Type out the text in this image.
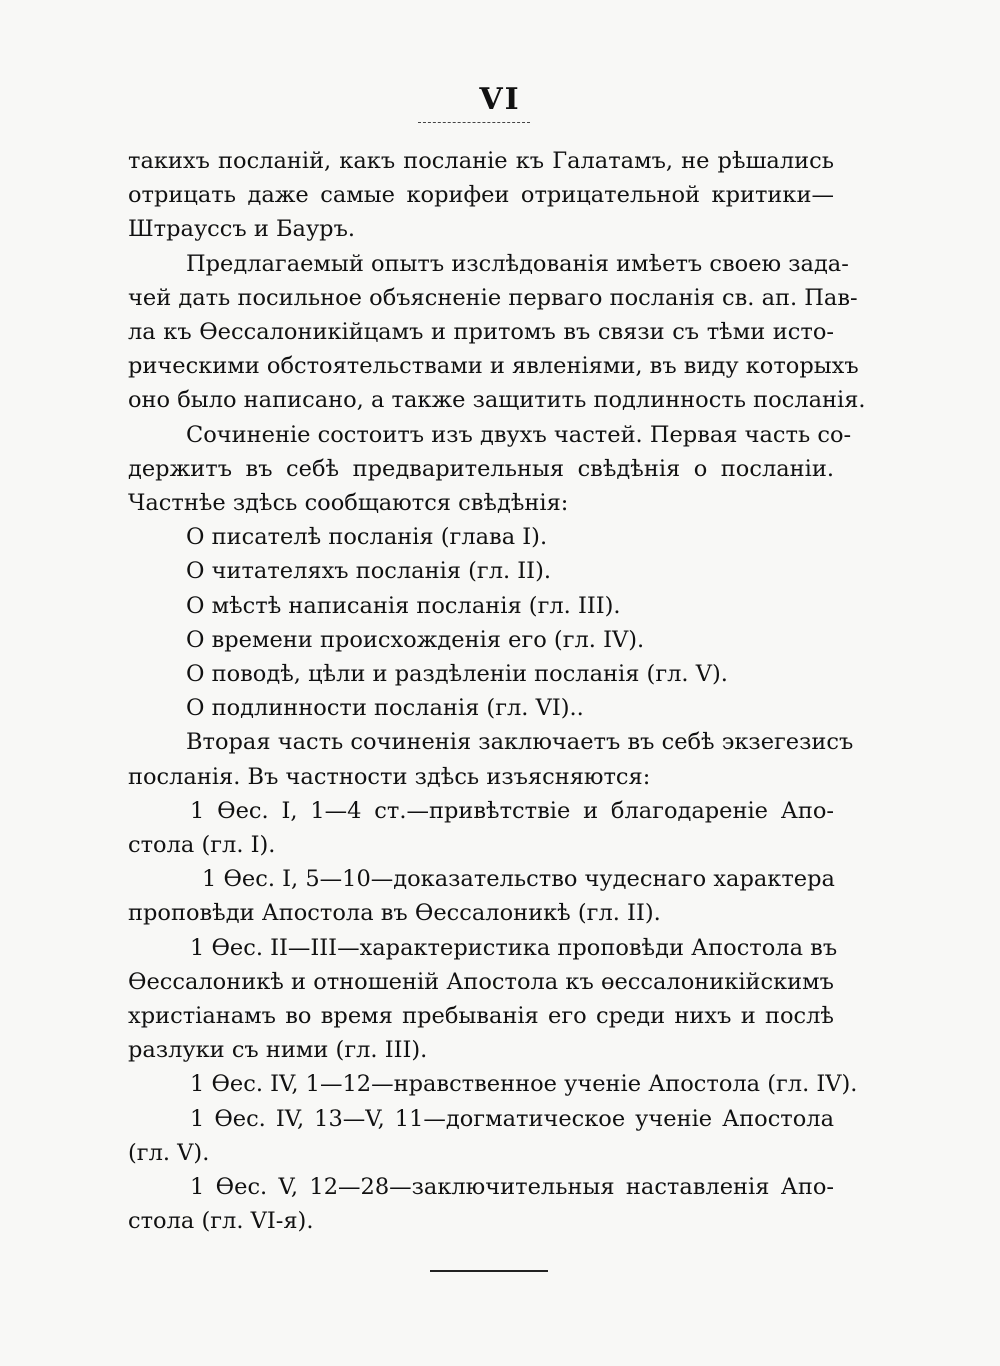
VI
такихъ посланій, какъ посланіе къ Галатамъ, не рѣшались
отрицать даже самые корифеи отрицательной критики—
Штраусcъ и Бауръ.
Предлагаемый опытъ изслѣдованія имѣетъ своею зада-
чей дать посильное объясненіе перваго посланія св. ап. Пав-
ла къ Өессалоникійцамъ и притомъ въ связи съ тѣми исто-
рическими обстоятельствами и явленіями, въ виду которыхъ
оно было написано, а также защитить подлинность посланія.
Сочиненіе состоитъ изъ двухъ частей. Первая часть со-
держитъ въ себѣ предварительныя свѣдѣнія о посланіи.
Частнѣе здѣсь сообщаются свѣдѣнія:
О писателѣ посланія (глава I).
О читателяхъ посланія (гл. II).
О мѣстѣ написанія посланія (гл. III).
О времени происхожденія его (гл. IV).
О поводѣ, цѣли и раздѣленіи посланія (гл. V).
О подлинности посланія (гл. VI)..
Вторая часть сочиненія заключаетъ въ себѣ экзегезисъ
посланія. Въ частности здѣсь изъясняются:
1 Өес. I, 1—4 ст.—привѣтствіе и благодареніе Апо-
стола (гл. I).
1 Өес. I, 5—10—доказательство чудеснаго характера
проповѣди Апостола въ Өессалоникѣ (гл. II).
1 Өес. II—III—характеристика проповѣди Апостола въ
Өессалоникѣ и отношеній Апостола къ өессалоникійскимъ
христіанамъ во время пребыванія его среди нихъ и послѣ
разлуки съ ними (гл. III).
1 Өес. IV, 1—12—нравственное ученіе Апостола (гл. IV).
1 Өес. IV, 13—V, 11—догматическое ученіе Апостола
(гл. V).
1 Өес. V, 12—28—заключительныя наставленія Апо-
стола (гл. VI-я).
